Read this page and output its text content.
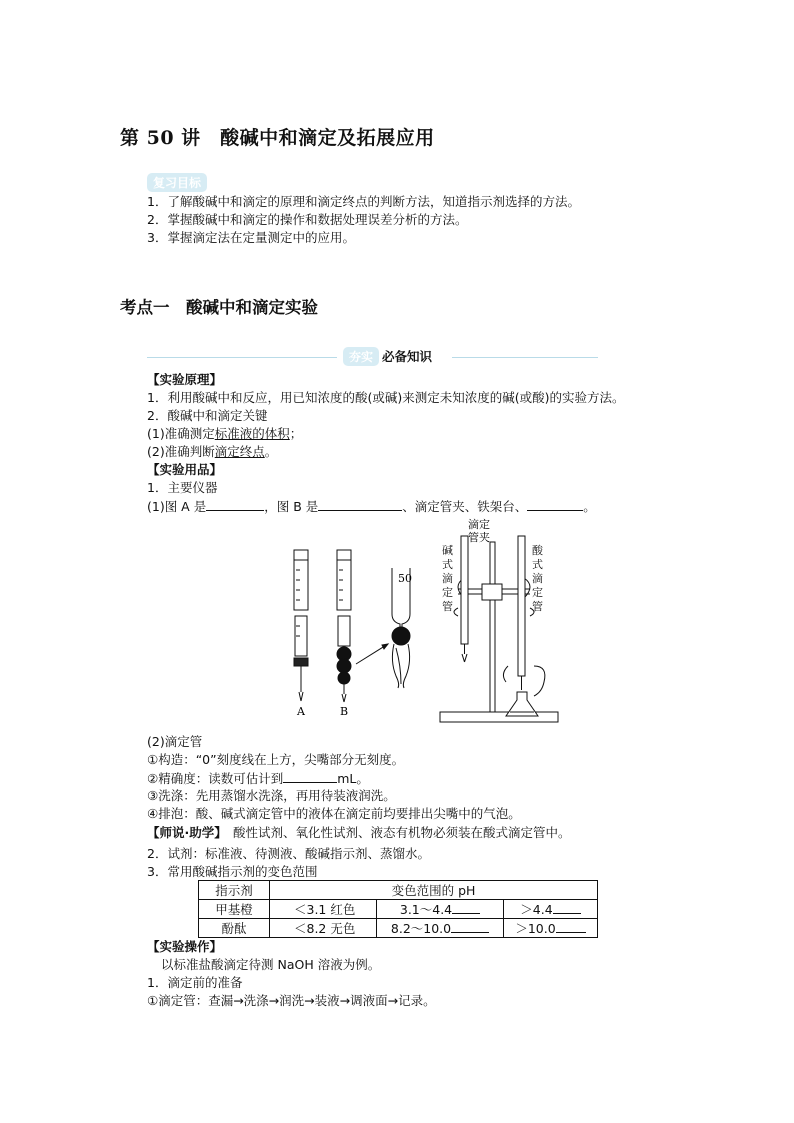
第 50 讲　酸碱中和滴定及拓展应用
复习目标
1．了解酸碱中和滴定的原理和滴定终点的判断方法，知道指示剂选择的方法。
2．掌握酸碱中和滴定的操作和数据处理误差分析的方法。
3．掌握滴定法在定量测定中的应用。
考点一　酸碱中和滴定实验
夯实 必备知识
【实验原理】
1．利用酸碱中和反应，用已知浓度的酸(或碱)来测定未知浓度的碱(或酸)的实验方法。
2．酸碱中和滴定关键
(1)准确测定标准液的体积；
(2)准确判断滴定终点。
【实验用品】
1．主要仪器
(1)图 A 是	，图 B 是	、滴定管夹、铁架台、	。
A	B
50
滴定
管夹
碱
式
滴
定
管
酸
式
滴
定
管
(2)滴定管
①构造：“0”刻度线在上方，尖嘴部分无刻度。
②精确度：读数可估计到	mL。
③洗涤：先用蒸馏水洗涤，再用待装液润洗。
④排泡：酸、碱式滴定管中的液体在滴定前均要排出尖嘴中的气泡。
【师说·助学】　酸性试剂、氧化性试剂、液态有机物必须装在酸式滴定管中。
2．试剂：标准液、待测液、酸碱指示剂、蒸馏水。
3．常用酸碱指示剂的变色范围
指示剂	变色范围的 pH		
甲基橙	＜3.1 红色	3.1～4.4	＞4.4
酚酞	＜8.2 无色	8.2～10.0	＞10.0
【实验操作】
以标准盐酸滴定待测 NaOH 溶液为例。
1．滴定前的准备
①滴定管：查漏→洗涤→润洗→装液→调液面→记录。
